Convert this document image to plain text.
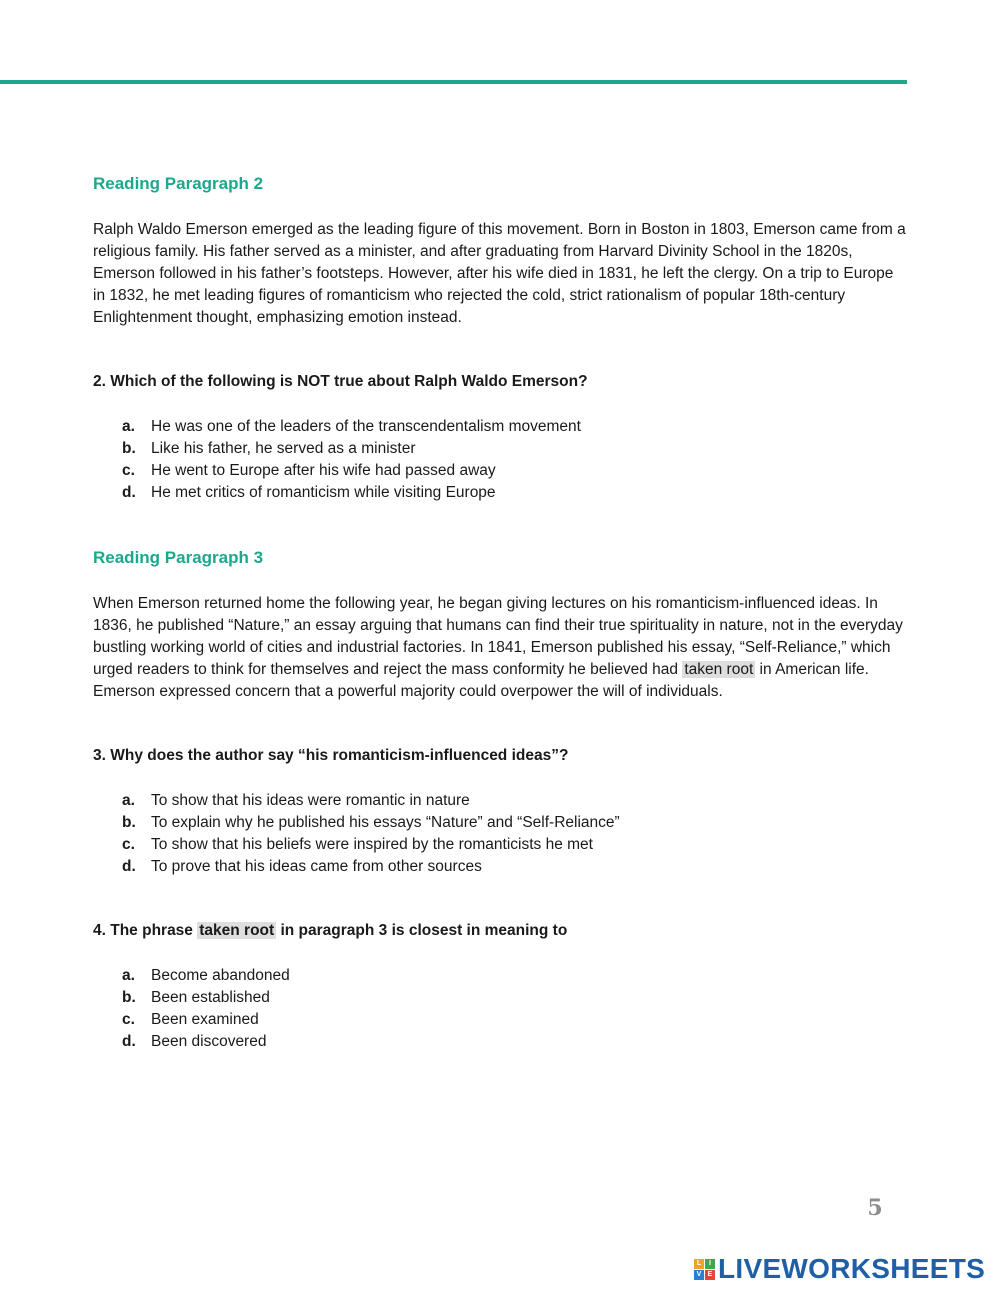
Reading Paragraph 2

Ralph Waldo Emerson emerged as the leading figure of this movement. Born in Boston in 1803, Emerson came from a religious family. His father served as a minister, and after graduating from Harvard Divinity School in the 1820s, Emerson followed in his father’s footsteps. However, after his wife died in 1831, he left the clergy. On a trip to Europe in 1832, he met leading figures of romanticism who rejected the cold, strict rationalism of popular 18th-century Enlightenment thought, emphasizing emotion instead.

2. Which of the following is NOT true about Ralph Waldo Emerson?

a.	He was one of the leaders of the transcendentalism movement
b. Like his father, he served as a minister
c.	He went to Europe after his wife had passed away
d. He met critics of romanticism while visiting Europe
Reading Paragraph 3

When Emerson returned home the following year, he began giving lectures on his romanticism-influenced ideas. In 1836, he published “Nature,” an essay arguing that humans can find their true spirituality in nature, not in the everyday bustling working world of cities and industrial factories. In 1841, Emerson published his essay, “Self-Reliance,” which urged readers to think for themselves and reject the mass conformity he believed had taken root in American life. Emerson expressed concern that a powerful majority could overpower the will of individuals.

3. Why does the author say “his romanticism-influenced ideas”?

a.	To show that his ideas were romantic in nature
b. To explain why he published his essays “Nature” and “Self-Reliance”
c.	To show that his beliefs were inspired by the romanticists he met
d. To prove that his ideas came from other sources

4. The phrase taken root in paragraph 3 is closest in meaning to

a.	Become abandoned
b. Been established
c.	Been examined
d. Been discovered
5
L	I
V E LIVEWORKSHEETS
